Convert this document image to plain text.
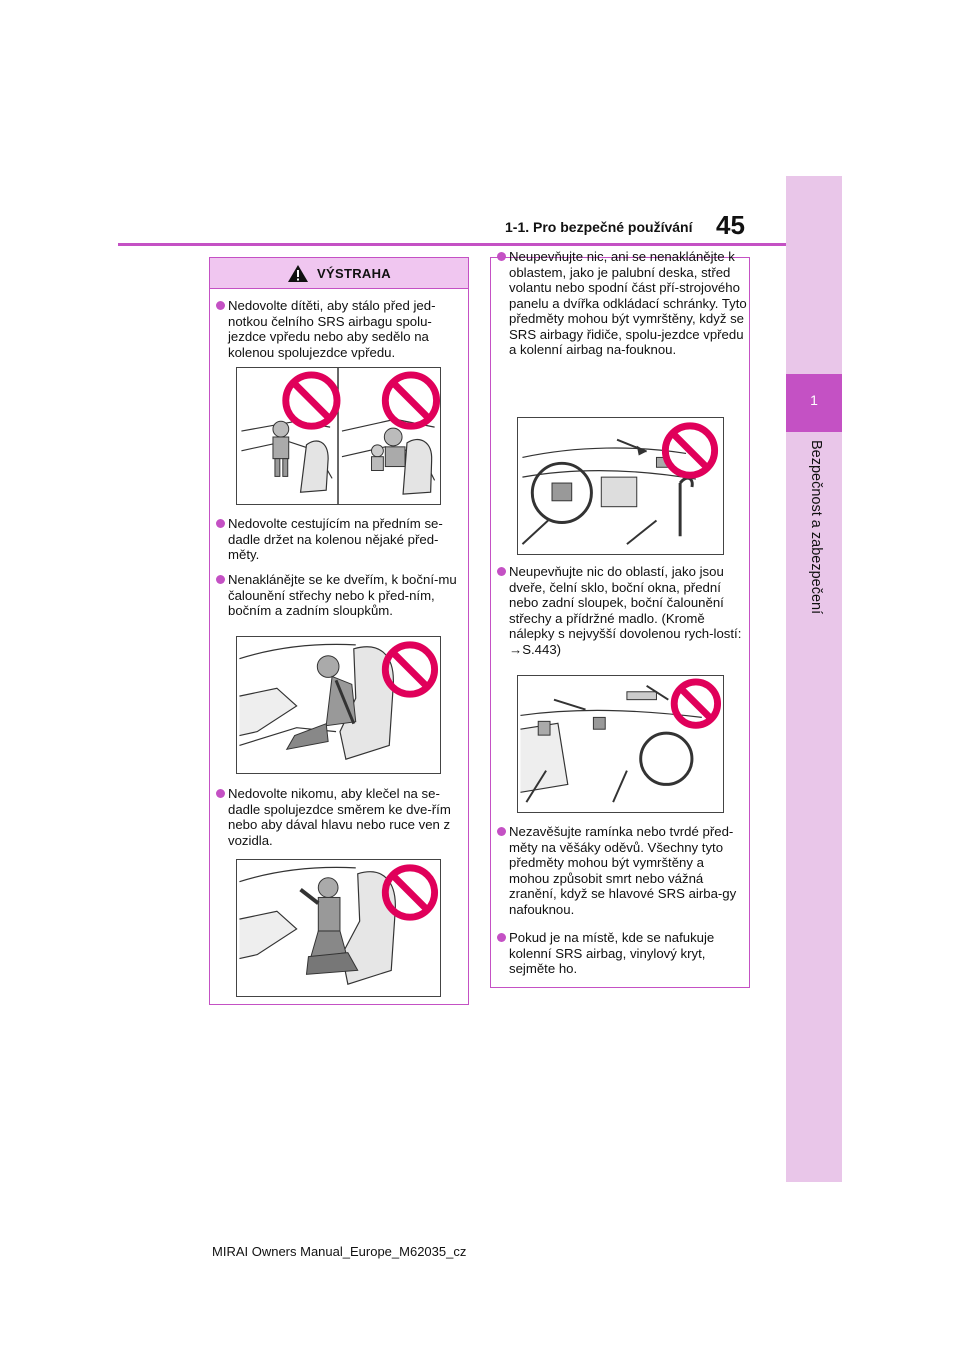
1
Bezpečnost a zabezpečení
1-1. Pro bezpečné používání 45
VÝSTRAHA
Nedovolte dítěti, aby stálo před jed-notkou čelního SRS airbagu spolu-jezdce vpředu nebo aby sedělo na kolenou spolujezdce vpředu.
Nedovolte cestujícím na předním se-dadle držet na kolenou nějaké před-měty.
Nenaklánějte se ke dveřím, k boční-mu čalounění střechy nebo k před-ním, bočním a zadním sloupkům.
Nedovolte nikomu, aby klečel na se-dadle spolujezdce směrem ke dve-řím nebo aby dával hlavu nebo ruce ven z vozidla.
Neupevňujte nic, ani se nenaklánějte k oblastem, jako je palubní deska, střed volantu nebo spodní část pří-strojového panelu a dvířka odkládací schránky. Tyto předměty mohou být vymrštěny, když se SRS airbagy řidiče, spolu-jezdce vpředu a kolenní airbag na-fouknou.
Neupevňujte nic do oblastí, jako jsou dveře, čelní sklo, boční okna, přední nebo zadní sloupek, boční čalounění střechy a přídržné madlo. (Kromě nálepky s nejvyšší dovolenou rych-lostí: →S.443)
Nezavěšujte ramínka nebo tvrdé před-měty na věšáky oděvů. Všechny tyto předměty mohou být vymrštěny a mohou způsobit smrt nebo vážná zranění, když se hlavové SRS airba-gy nafouknou.
Pokud je na místě, kde se nafukuje kolenní SRS airbag, vinylový kryt, sejměte ho.
MIRAI Owners Manual_Europe_M62035_cz
